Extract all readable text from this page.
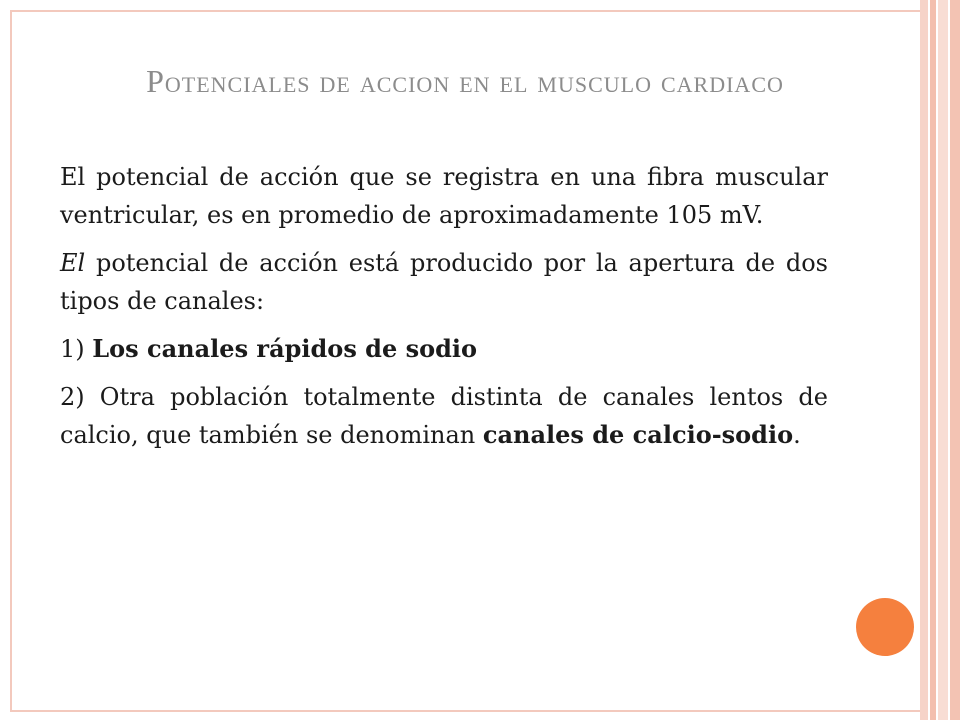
Potenciales de accion en el musculo cardiaco

El potencial de acción que se registra en una fibra muscular ventricular, es en promedio de aproximadamente 105 mV.

El potencial de acción está producido por la apertura de dos tipos de canales:

1) Los canales rápidos de sodio

2) Otra población totalmente distinta de canales lentos de calcio, que también se denominan canales de calcio-sodio.
